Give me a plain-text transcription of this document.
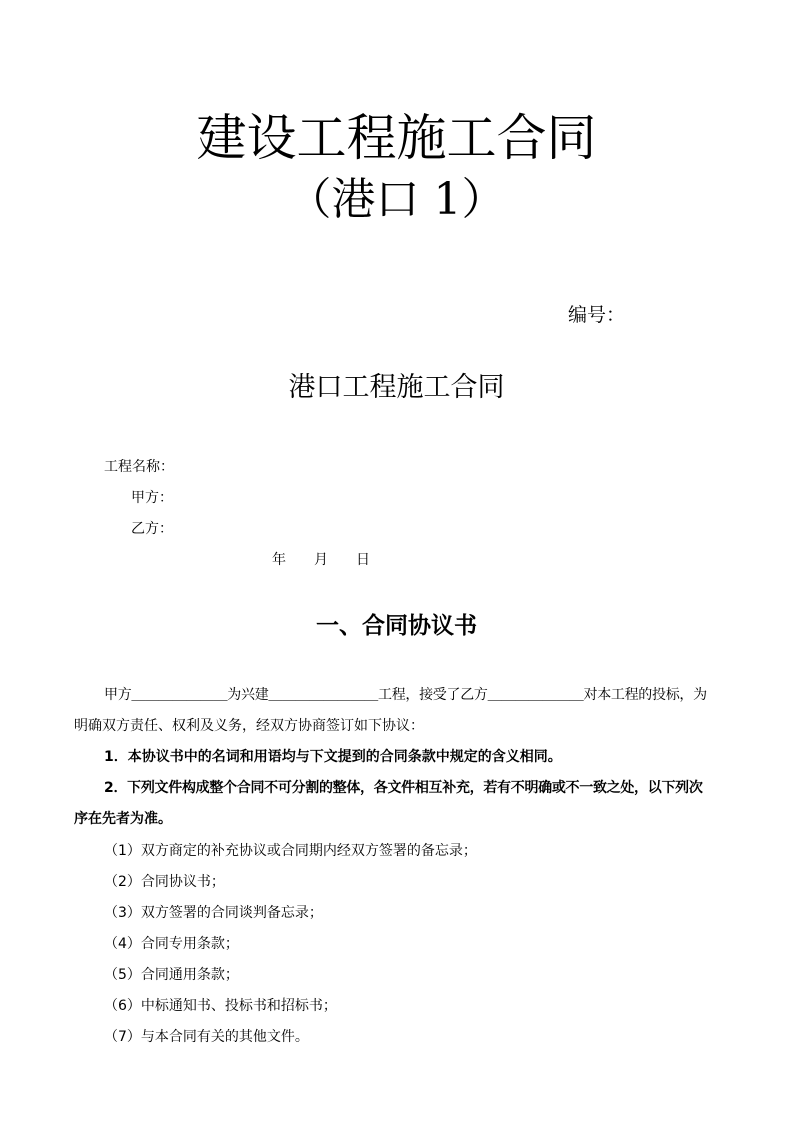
建设工程施工合同
（港口 1）
编号：
港口工程施工合同
工程名称：
甲方：
乙方：
年　　月　　日
一、合同协议书
甲方＿＿＿＿＿＿＿为兴建＿＿＿＿＿＿＿＿工程，接受了乙方＿＿＿＿＿＿＿对本工程的投标，为
明确双方责任、权利及义务，经双方协商签订如下协议：
1．本协议书中的名词和用语均与下文提到的合同条款中规定的含义相同。
2．下列文件构成整个合同不可分割的整体，各文件相互补充，若有不明确或不一致之处，以下列次
序在先者为准。
（1）双方商定的补充协议或合同期内经双方签署的备忘录；
（2）合同协议书；
（3）双方签署的合同谈判备忘录；
（4）合同专用条款；
（5）合同通用条款；
（6）中标通知书、投标书和招标书；
（7）与本合同有关的其他文件。
